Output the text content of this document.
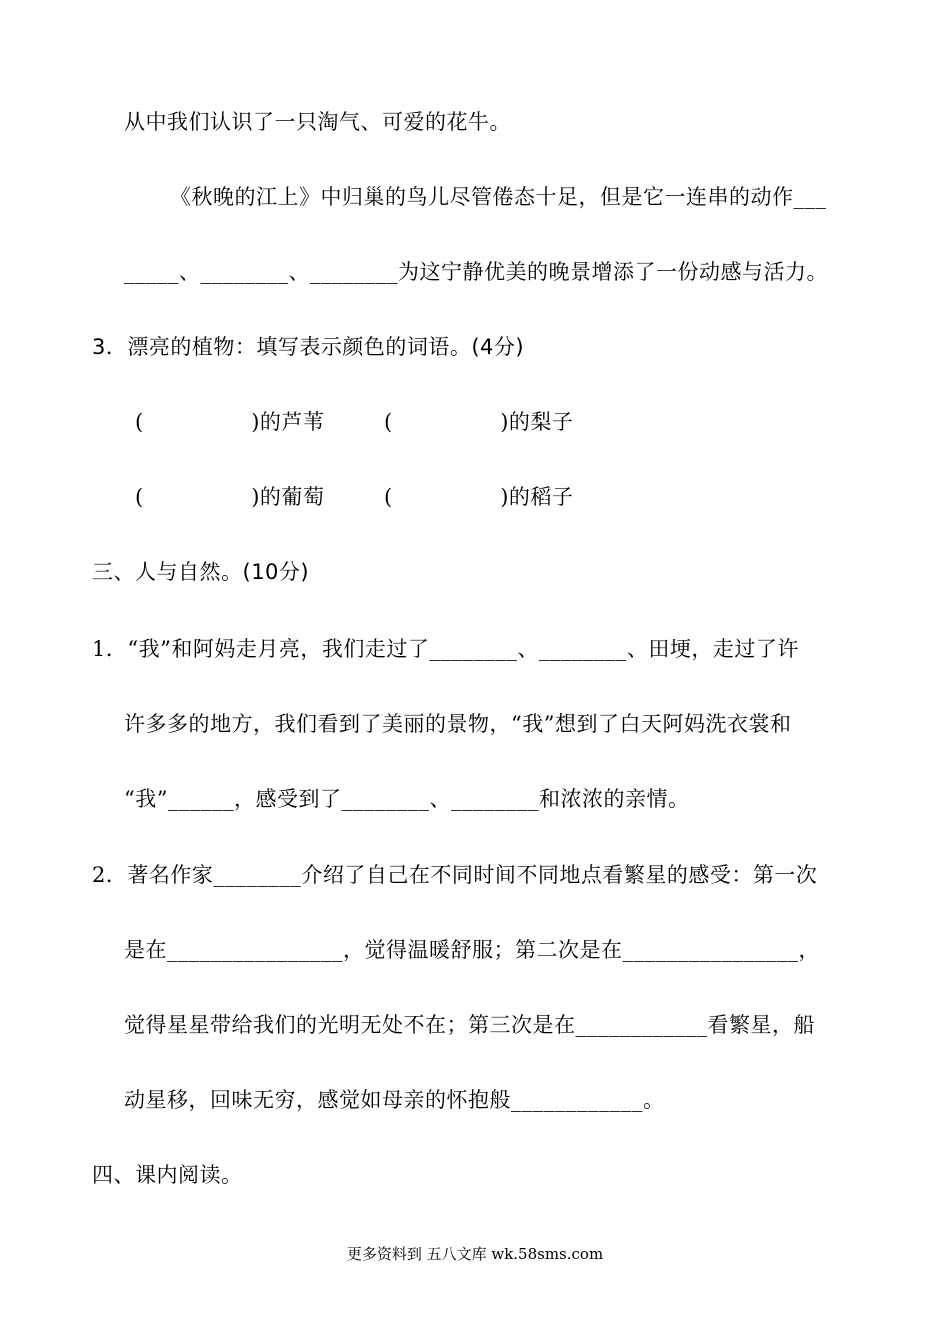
从中我们认识了一只淘气、可爱的花牛。
《秋晚的江上》中归巢的鸟儿尽管倦态十足，但是它一连串的动作___
_____、________、________为这宁静优美的晚景增添了一份动感与活力。
3．漂亮的植物：填写表示颜色的词语。(4分)
(　　　　　)的芦苇	(　　　　　)的梨子
(　　　　　)的葡萄	(　　　　　)的稻子
三、人与自然。(10分)
1．“我”和阿妈走月亮，我们走过了________、________、田埂，走过了许
许多多的地方，我们看到了美丽的景物，“我”想到了白天阿妈洗衣裳和
“我”______，感受到了________、________和浓浓的亲情。
2．著名作家________介绍了自己在不同时间不同地点看繁星的感受：第一次
是在________________，觉得温暖舒服；第二次是在________________，
觉得星星带给我们的光明无处不在；第三次是在____________看繁星，船
动星移，回味无穷，感觉如母亲的怀抱般____________。
四、课内阅读。
更多资料到 五八文库 wk.58sms.com
